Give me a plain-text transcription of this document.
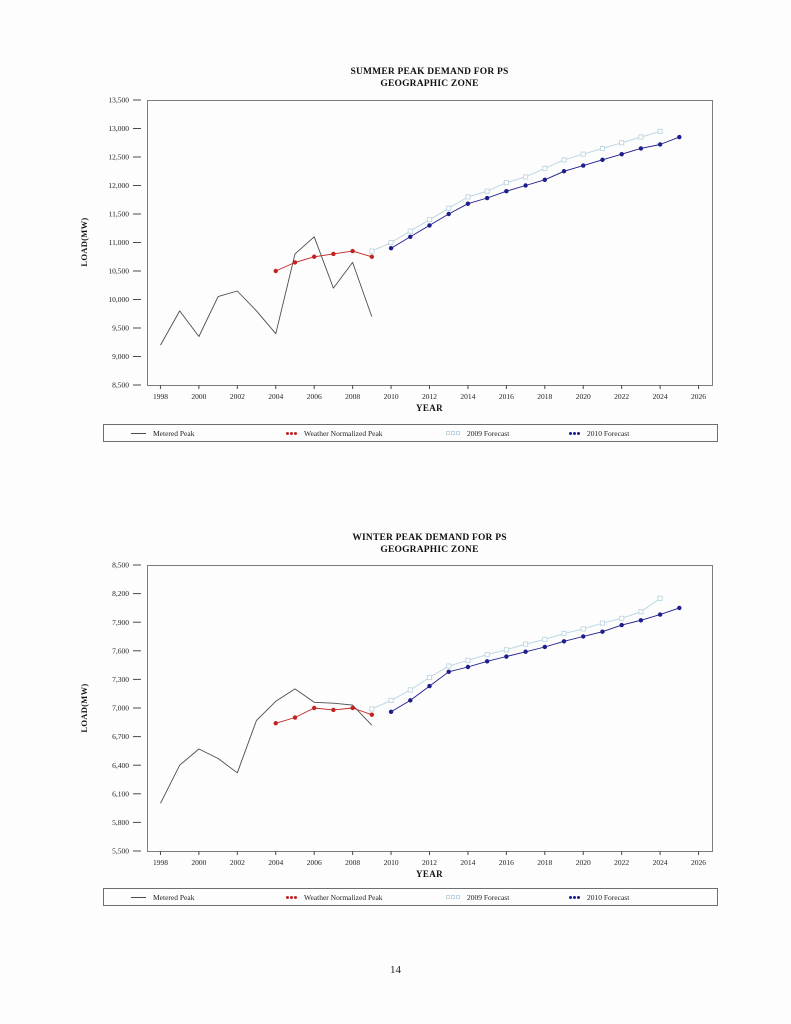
SUMMER PEAK DEMAND FOR PS
GEOGRAPHIC ZONE
LOAD(MW)
YEAR
Metered Peak	Weather Normalized Peak	2009 Forecast	2010 Forecast
WINTER PEAK DEMAND FOR PS
GEOGRAPHIC ZONE
LOAD(MW)
YEAR
Metered Peak	Weather Normalized Peak	2009 Forecast	2010 Forecast
8,500
9,000
9,500
10,000
10,500
11,000
11,500
12,000
12,500
13,000
13,500
1998	2000	2002	2004	2006	2008	2010	2012	2014	2016	2018	2020	2022	2024	2026
5,500
5,800
6,100
6,400
6,700
7,000
7,300
7,600
7,900
8,200
8,500
1998	2000	2002	2004	2006	2008	2010	2012	2014	2016	2018	2020	2022	2024	2026
14
